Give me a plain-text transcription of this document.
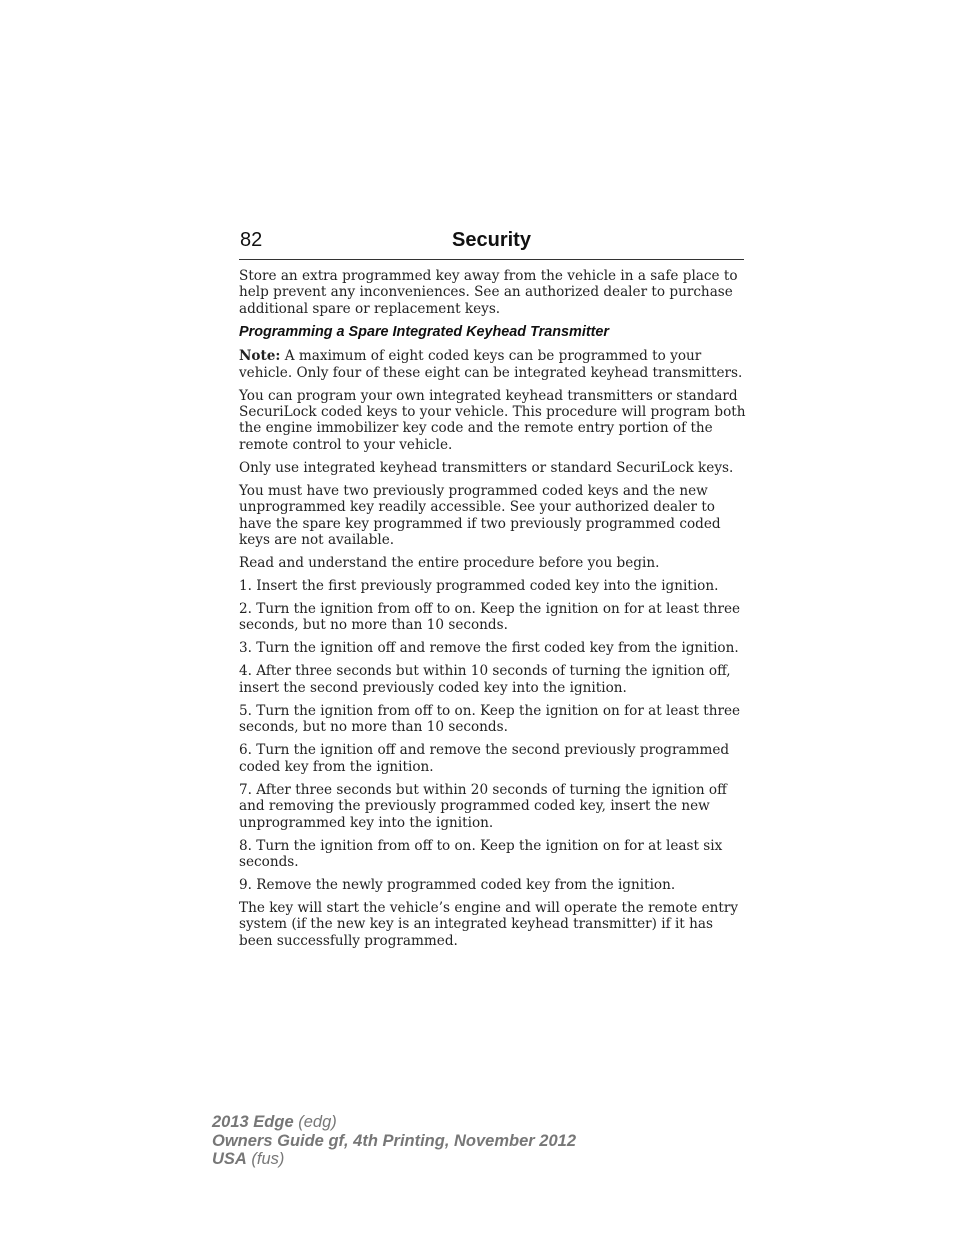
82	Security

Store an extra programmed key away from the vehicle in a safe place to help prevent any inconveniences. See an authorized dealer to purchase additional spare or replacement keys.

Programming a Spare Integrated Keyhead Transmitter

Note: A maximum of eight coded keys can be programmed to your vehicle. Only four of these eight can be integrated keyhead transmitters.

You can program your own integrated keyhead transmitters or standard SecuriLock coded keys to your vehicle. This procedure will program both the engine immobilizer key code and the remote entry portion of the remote control to your vehicle.

Only use integrated keyhead transmitters or standard SecuriLock keys.

You must have two previously programmed coded keys and the new unprogrammed key readily accessible. See your authorized dealer to have the spare key programmed if two previously programmed coded keys are not available.

Read and understand the entire procedure before you begin.

1. Insert the first previously programmed coded key into the ignition.

2. Turn the ignition from off to on. Keep the ignition on for at least three seconds, but no more than 10 seconds.

3. Turn the ignition off and remove the first coded key from the ignition.

4. After three seconds but within 10 seconds of turning the ignition off, insert the second previously coded key into the ignition.

5. Turn the ignition from off to on. Keep the ignition on for at least three seconds, but no more than 10 seconds.

6. Turn the ignition off and remove the second previously programmed coded key from the ignition.

7. After three seconds but within 20 seconds of turning the ignition off and removing the previously programmed coded key, insert the new unprogrammed key into the ignition.

8. Turn the ignition from off to on. Keep the ignition on for at least six seconds.

9. Remove the newly programmed coded key from the ignition.

The key will start the vehicle’s engine and will operate the remote entry system (if the new key is an integrated keyhead transmitter) if it has been successfully programmed.

2013 Edge (edg)
Owners Guide gf, 4th Printing, November 2012
USA (fus)
